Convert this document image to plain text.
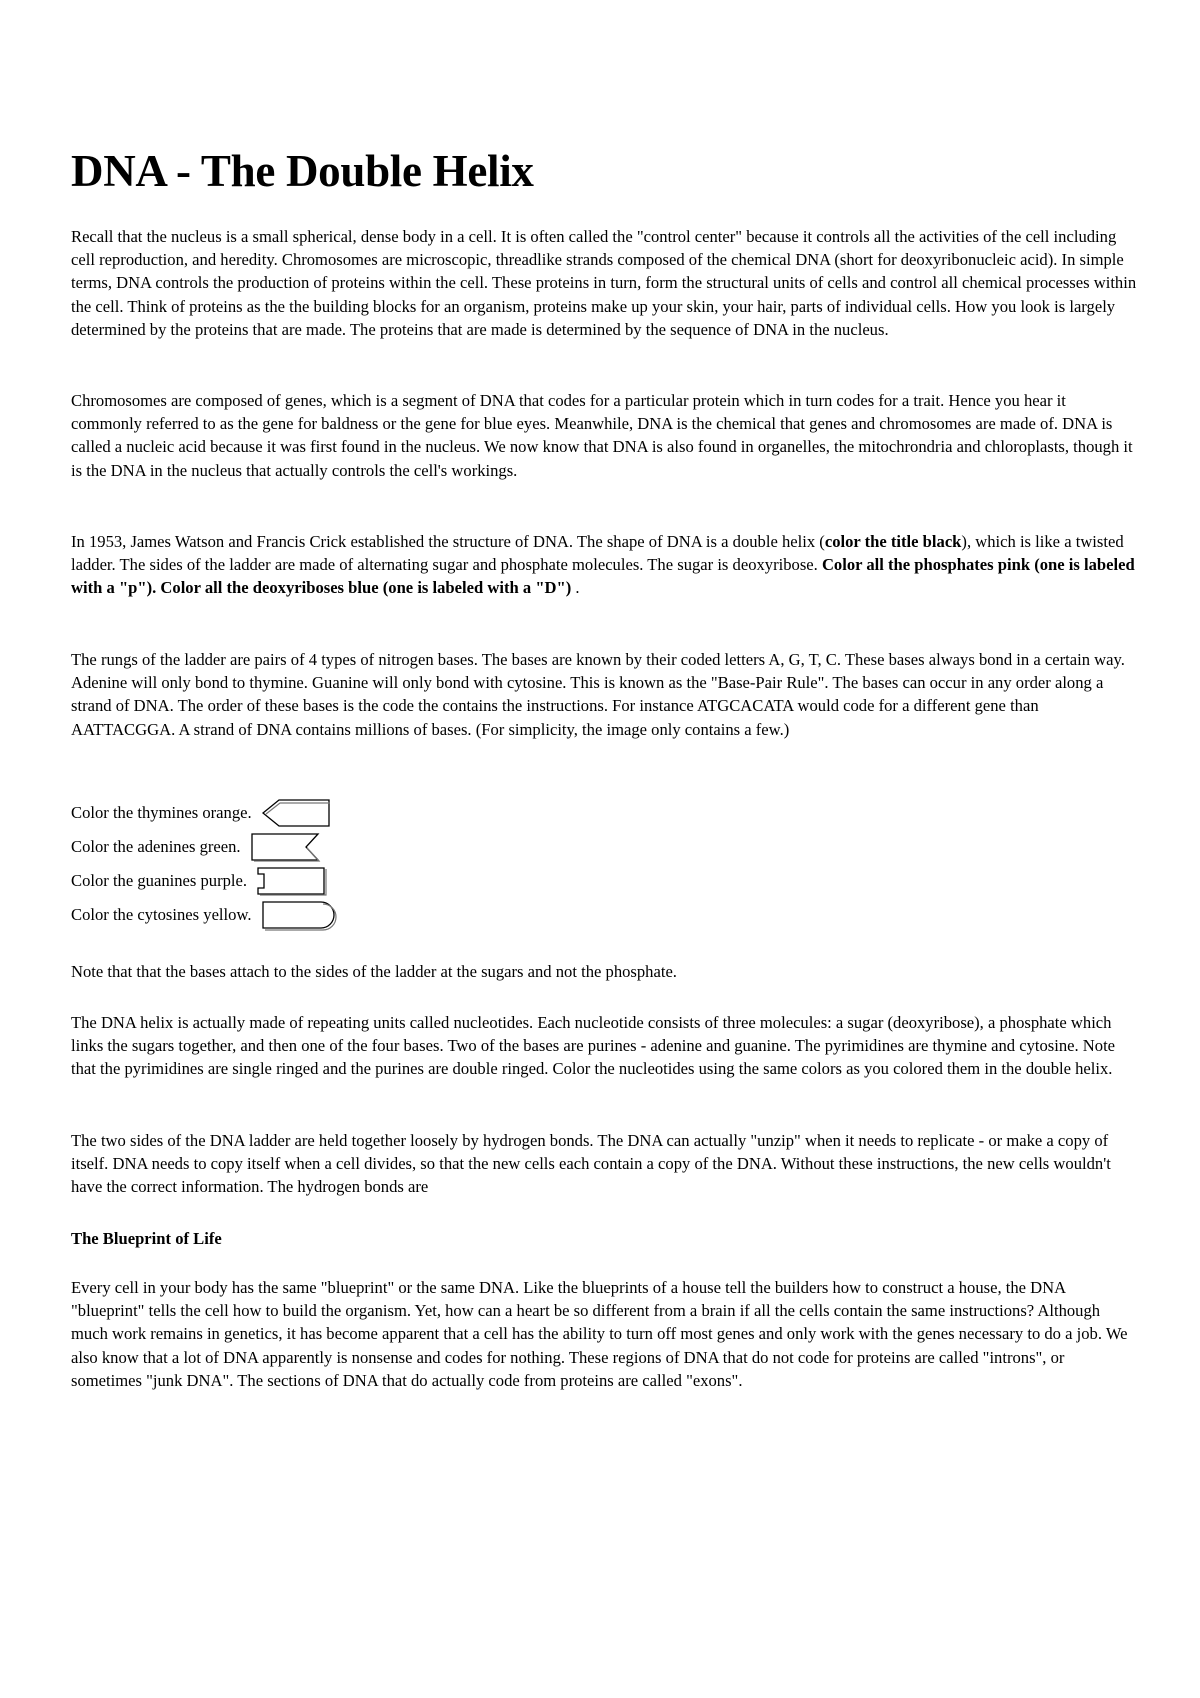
DNA - The Double Helix

Recall that the nucleus is a small spherical, dense body in a cell. It is often called the "control center" because it controls all the activities of the cell including cell reproduction, and heredity. Chromosomes are microscopic, threadlike strands composed of the chemical DNA (short for deoxyribonucleic acid). In simple terms, DNA controls the production of proteins within the cell. These proteins in turn, form the structural units of cells and control all chemical processes within the cell. Think of proteins as the the building blocks for an organism, proteins make up your skin, your hair, parts of individual cells. How you look is largely determined by the proteins that are made. The proteins that are made is determined by the sequence of DNA in the nucleus.

Chromosomes are composed of genes, which is a segment of DNA that codes for a particular protein which in turn codes for a trait. Hence you hear it commonly referred to as the gene for baldness or the gene for blue eyes. Meanwhile, DNA is the chemical that genes and chromosomes are made of. DNA is called a nucleic acid because it was first found in the nucleus. We now know that DNA is also found in organelles, the mitochrondria and chloroplasts, though it is the DNA in the nucleus that actually controls the cell's workings.

In 1953, James Watson and Francis Crick established the structure of DNA. The shape of DNA is a double helix (color the title black), which is like a twisted ladder. The sides of the ladder are made of alternating sugar and phosphate molecules. The sugar is deoxyribose. Color all the phosphates pink (one is labeled with a "p"). Color all the deoxyriboses blue (one is labeled with a "D") .

The rungs of the ladder are pairs of 4 types of nitrogen bases. The bases are known by their coded letters A, G, T, C. These bases always bond in a certain way. Adenine will only bond to thymine. Guanine will only bond with cytosine. This is known as the "Base-Pair Rule". The bases can occur in any order along a strand of DNA. The order of these bases is the code the contains the instructions. For instance ATGCACATA would code for a different gene than AATTACGGA. A strand of DNA contains millions of bases. (For simplicity, the image only contains a few.)

Color the thymines orange.
Color the adenines green.
Color the guanines purple.
Color the cytosines yellow.

Note that that the bases attach to the sides of the ladder at the sugars and not the phosphate.

The DNA helix is actually made of repeating units called nucleotides. Each nucleotide consists of three molecules: a sugar (deoxyribose), a phosphate which links the sugars together, and then one of the four bases. Two of the bases are purines - adenine and guanine. The pyrimidines are thymine and cytosine. Note that the pyrimidines are single ringed and the purines are double ringed. Color the nucleotides using the same colors as you colored them in the double helix.

The two sides of the DNA ladder are held together loosely by hydrogen bonds. The DNA can actually "unzip" when it needs to replicate - or make a copy of itself. DNA needs to copy itself when a cell divides, so that the new cells each contain a copy of the DNA. Without these instructions, the new cells wouldn't have the correct information. The hydrogen bonds are

The Blueprint of Life

Every cell in your body has the same "blueprint" or the same DNA. Like the blueprints of a house tell the builders how to construct a house, the DNA "blueprint" tells the cell how to build the organism. Yet, how can a heart be so different from a brain if all the cells contain the same instructions? Although much work remains in genetics, it has become apparent that a cell has the ability to turn off most genes and only work with the genes necessary to do a job. We also know that a lot of DNA apparently is nonsense and codes for nothing. These regions of DNA that do not code for proteins are called "introns", or sometimes "junk DNA". The sections of DNA that do actually code from proteins are called "exons".
